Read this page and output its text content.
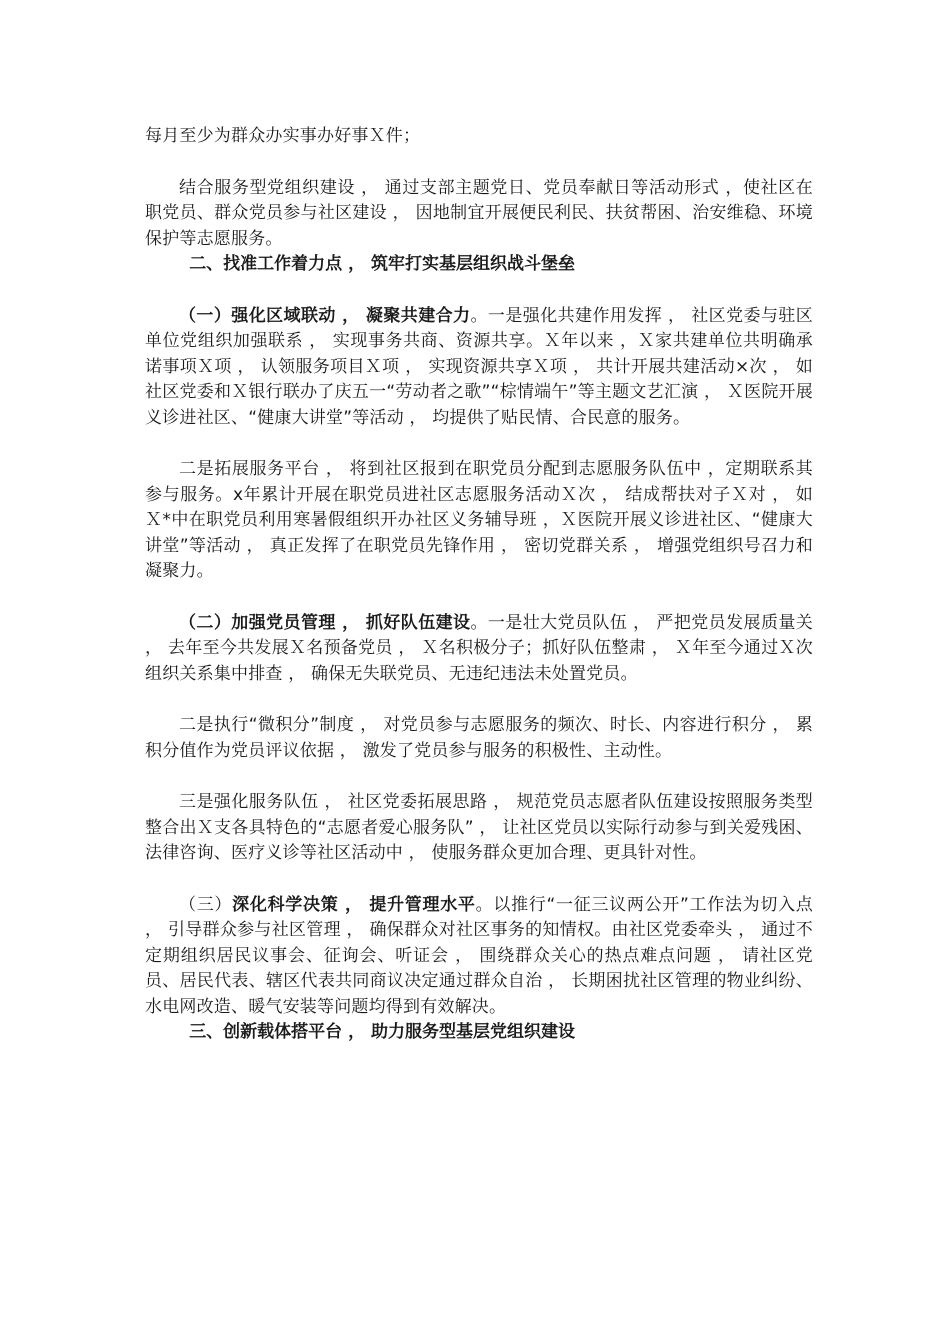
每月至少为群众办实事办好事Ｘ件；

结合服务型党组织建设 ， 通过支部主题党日、党员奉献日等活动形式 ，使社区在职党员、群众党员参与社区建设 ， 因地制宜开展便民利民、扶贫帮困、治安维稳、环境保护等志愿服务。

二、找准工作着力点 ， 筑牢打实基层组织战斗堡垒

（一）强化区域联动 ， 凝聚共建合力。一是强化共建作用发挥 ， 社区党委与驻区单位党组织加强联系 ， 实现事务共商、资源共享。Ｘ年以来 ，Ｘ家共建单位共明确承诺事项Ｘ项 ， 认领服务项目Ｘ项 ， 实现资源共享Ｘ项 ， 共计开展共建活动×次 ， 如社区党委和Ｘ银行联办了庆五一“劳动者之歌”“棕情端午”等主题文艺汇演 ， Ｘ医院开展义诊进社区、“健康大讲堂”等活动 ， 均提供了贴民情、合民意的服务。

二是拓展服务平台 ， 将到社区报到在职党员分配到志愿服务队伍中 ，定期联系其参与服务。x年累计开展在职党员进社区志愿服务活动Ｘ次 ， 结成帮扶对子Ｘ对 ， 如Ｘ*中在职党员利用寒暑假组织开办社区义务辅导班 ，Ｘ医院开展义诊进社区、“健康大讲堂”等活动 ， 真正发挥了在职党员先锋作用 ， 密切党群关系 ， 增强党组织号召力和凝聚力。

（二）加强党员管理 ， 抓好队伍建设。一是壮大党员队伍 ， 严把党员发展质量关 ， 去年至今共发展Ｘ名预备党员 ， Ｘ名积极分子；抓好队伍整肃 ， Ｘ年至今通过Ｘ次组织关系集中排查 ， 确保无失联党员、无违纪违法未处置党员。

二是执行“微积分”制度 ， 对党员参与志愿服务的频次、时长、内容进行积分 ， 累积分值作为党员评议依据 ， 激发了党员参与服务的积极性、主动性。

三是强化服务队伍 ， 社区党委拓展思路 ， 规范党员志愿者队伍建设按照服务类型整合出Ｘ支各具特色的“志愿者爱心服务队” ， 让社区党员以实际行动参与到关爱残困、法律咨询、医疗义诊等社区活动中 ， 使服务群众更加合理、更具针对性。

（三）深化科学决策 ， 提升管理水平。以推行“一征三议两公开”工作法为切入点 ， 引导群众参与社区管理 ， 确保群众对社区事务的知情权。由社区党委牵头 ， 通过不定期组织居民议事会、征询会、听证会 ， 围绕群众关心的热点难点问题 ， 请社区党员、居民代表、辖区代表共同商议决定通过群众自治 ， 长期困扰社区管理的物业纠纷、水电网改造、暖气安装等问题均得到有效解决。

三、创新载体搭平台 ， 助力服务型基层党组织建设
